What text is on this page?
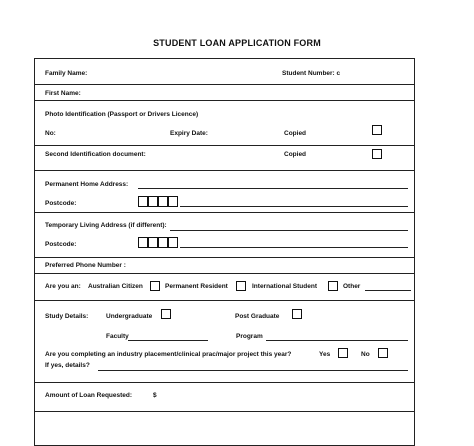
STUDENT LOAN APPLICATION FORM
Family Name:	Student Number: c
First Name:
Photo Identification (Passport or Drivers Licence)
No:	Expiry Date:	Copied
Second Identification document:	Copied
Permanent Home Address:
Postcode:
Temporary Living Address (if different):
Postcode:
Preferred Phone Number :
Are you an: Australian Citizen	Permanent Resident	International Student	Other
Study Details:	Undergraduate	Post Graduate
Faculty	Program
Are you completing an industry placement/clinical prac/major project this year?	Yes	No
If yes, details?
Amount of Loan Requested:	$
